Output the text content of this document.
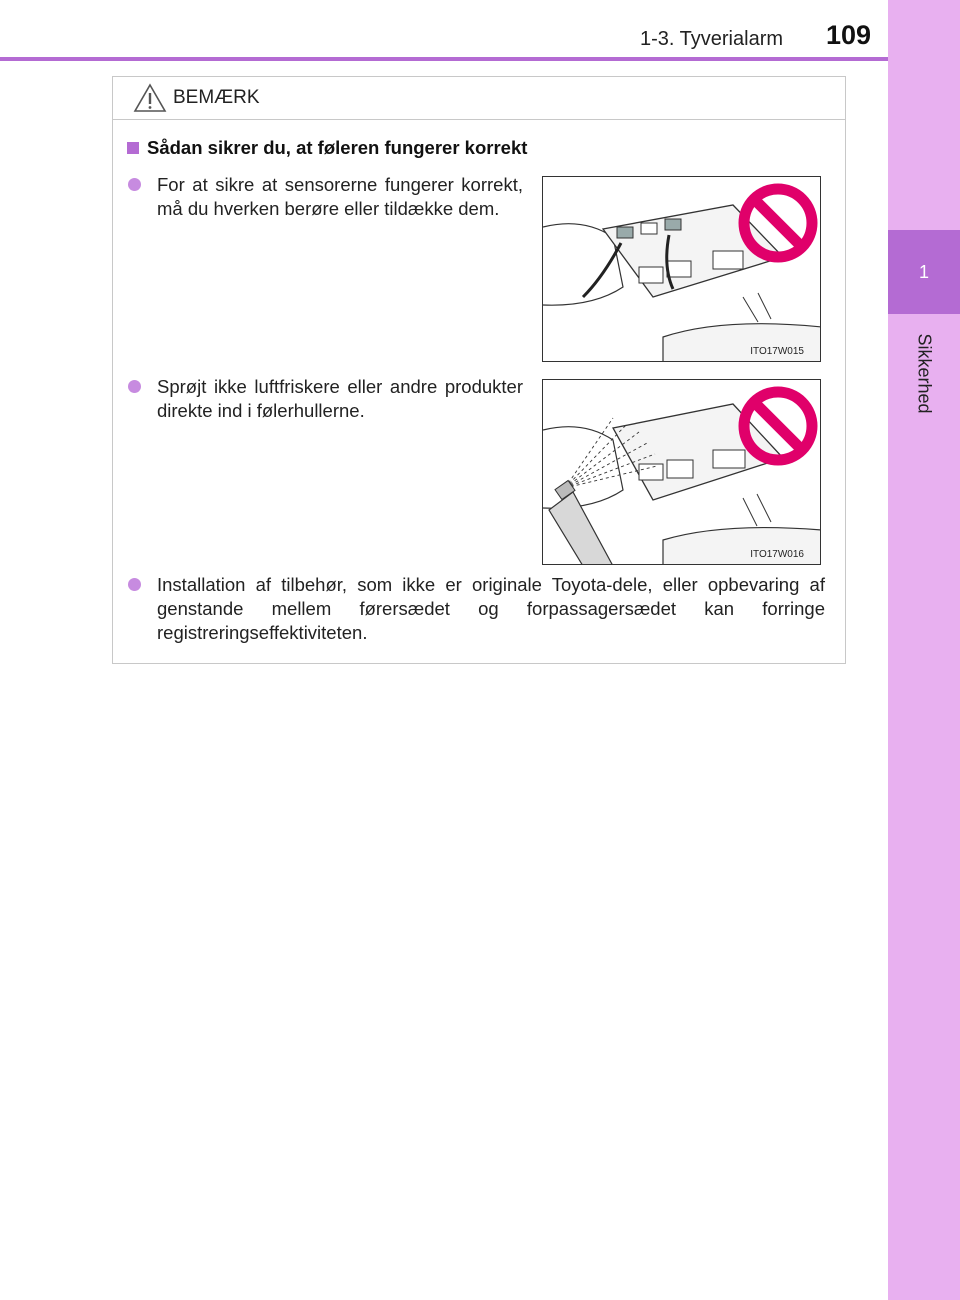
1-3. Tyverialarm 109
1
Sikkerhed
BEMÆRK
Sådan sikrer du, at føleren fungerer korrekt
For at sikre at sensorerne fungerer korrekt, må du hverken berøre eller tildække dem.
ITO17W015
Sprøjt ikke luftfriskere eller andre produkter direkte ind i følerhullerne.
ITO17W016
Installation af tilbehør, som ikke er originale Toyota-dele, eller opbevaring af genstande mellem førersædet og forpassagersædet kan forringe registreringseffektiviteten.
